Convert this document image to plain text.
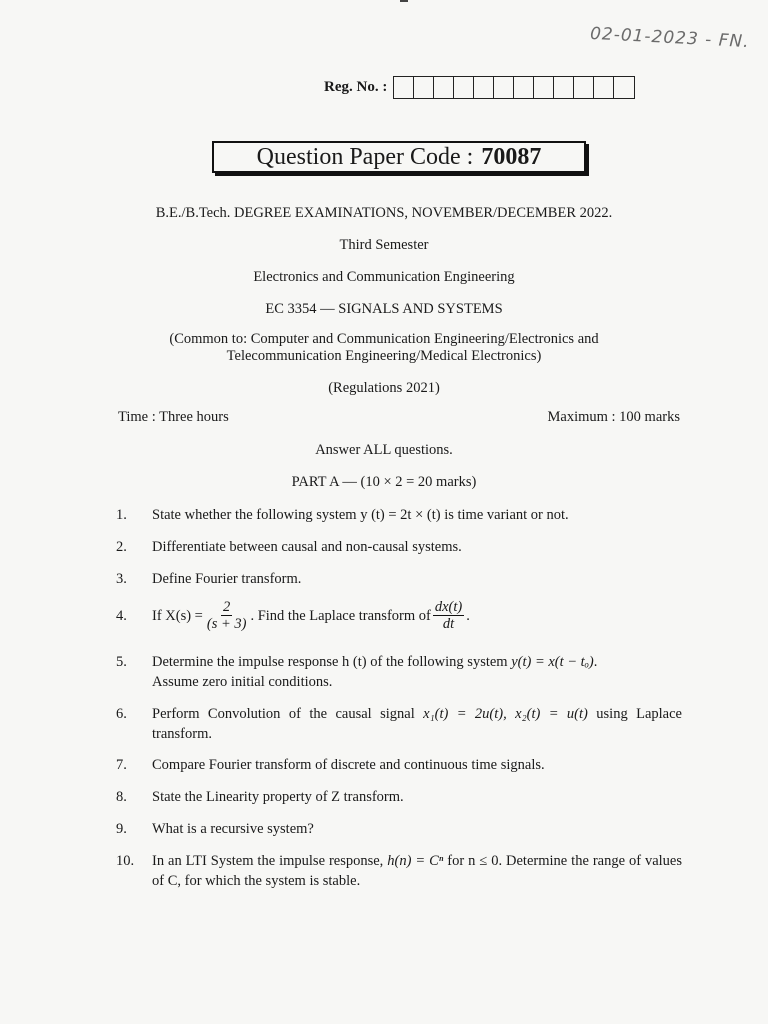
02-01-2023 - FN.
Reg. No. :
Question Paper Code : 70087
B.E./B.Tech. DEGREE EXAMINATIONS, NOVEMBER/DECEMBER 2022.
Third Semester
Electronics and Communication Engineering
EC 3354 — SIGNALS AND SYSTEMS
(Common to: Computer and Communication Engineering/Electronics and
Telecommunication Engineering/Medical Electronics)
(Regulations 2021)
Time : Three hours	Maximum : 100 marks
Answer ALL questions.
PART A — (10 × 2 = 20 marks)
1.	State whether the following system y (t) = 2t × (t) is time variant or not.
2.	Differentiate between causal and non-causal systems.
3.	Define Fourier transform.
4.	If $X(s) = \frac{2}{(s + 3)}$ . Find the Laplace transform of $\frac{dx(t)}{dt}$ .
5.	Determine the impulse response h (t) of the following system y(t) = x(t − tₒ).
Assume zero initial conditions.
6.	Perform Convolution of the causal signal x₁(t) = 2u(t), x₂(t) = u(t) using Laplace transform.
7.	Compare Fourier transform of discrete and continuous time signals.
8.	State the Linearity property of Z transform.
9.	What is a recursive system?
10.	In an LTI System the impulse response, h(n) = Cⁿ for n ≤ 0. Determine the range of values of C, for which the system is stable.
